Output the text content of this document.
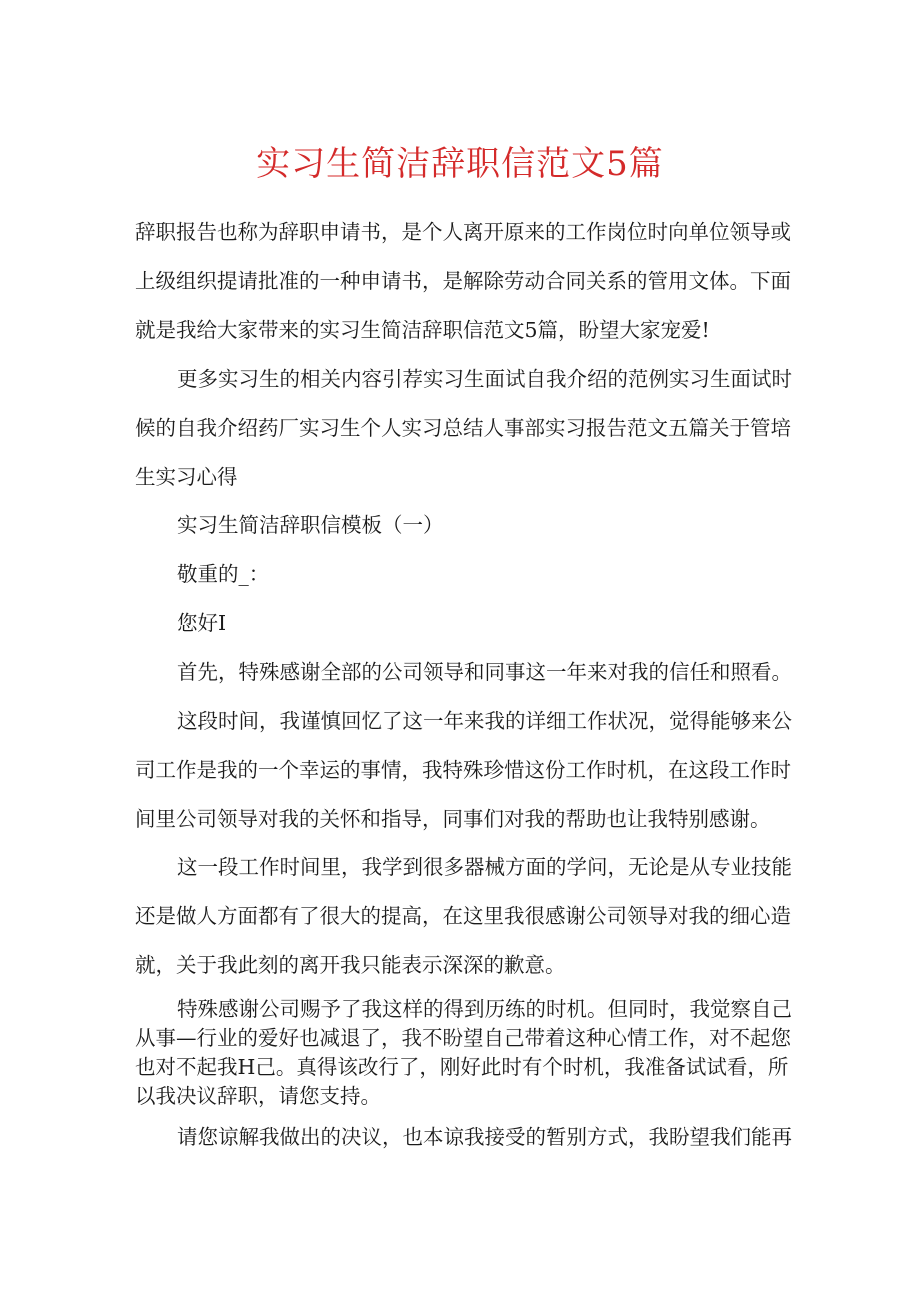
实习生简洁辞职信范文5篇

辞职报告也称为辞职申请书，是个人离开原来的工作岗位时向单位领导或上级组织提请批准的一种申请书，是解除劳动合同关系的管用文体。下面就是我给大家带来的实习生简洁辞职信范文5篇，盼望大家宠爱!

更多实习生的相关内容引荐实习生面试自我介绍的范例实习生面试时候的自我介绍药厂实习生个人实习总结人事部实习报告范文五篇关于管培生实习心得

实习生简洁辞职信模板（一）

敬重的_：

您好I

首先，特殊感谢全部的公司领导和同事这一年来对我的信任和照看。

这段时间，我谨慎回忆了这一年来我的详细工作状况，觉得能够来公司工作是我的一个幸运的事情，我特殊珍惜这份工作时机，在这段工作时间里公司领导对我的关怀和指导，同事们对我的帮助也让我特别感谢。

这一段工作时间里，我学到很多器械方面的学问，无论是从专业技能还是做人方面都有了很大的提高，在这里我很感谢公司领导对我的细心造就，关于我此刻的离开我只能表示深深的歉意。

特殊感谢公司赐予了我这样的得到历练的时机。但同时，我觉察自己从事—行业的爱好也减退了，我不盼望自己带着这种心情工作，对不起您也对不起我H己。真得该改行了，刚好此时有个时机，我准备试试看，所以我决议辞职，请您支持。

请您谅解我做出的决议，也本谅我接受的暂别方式，我盼望我们能再
